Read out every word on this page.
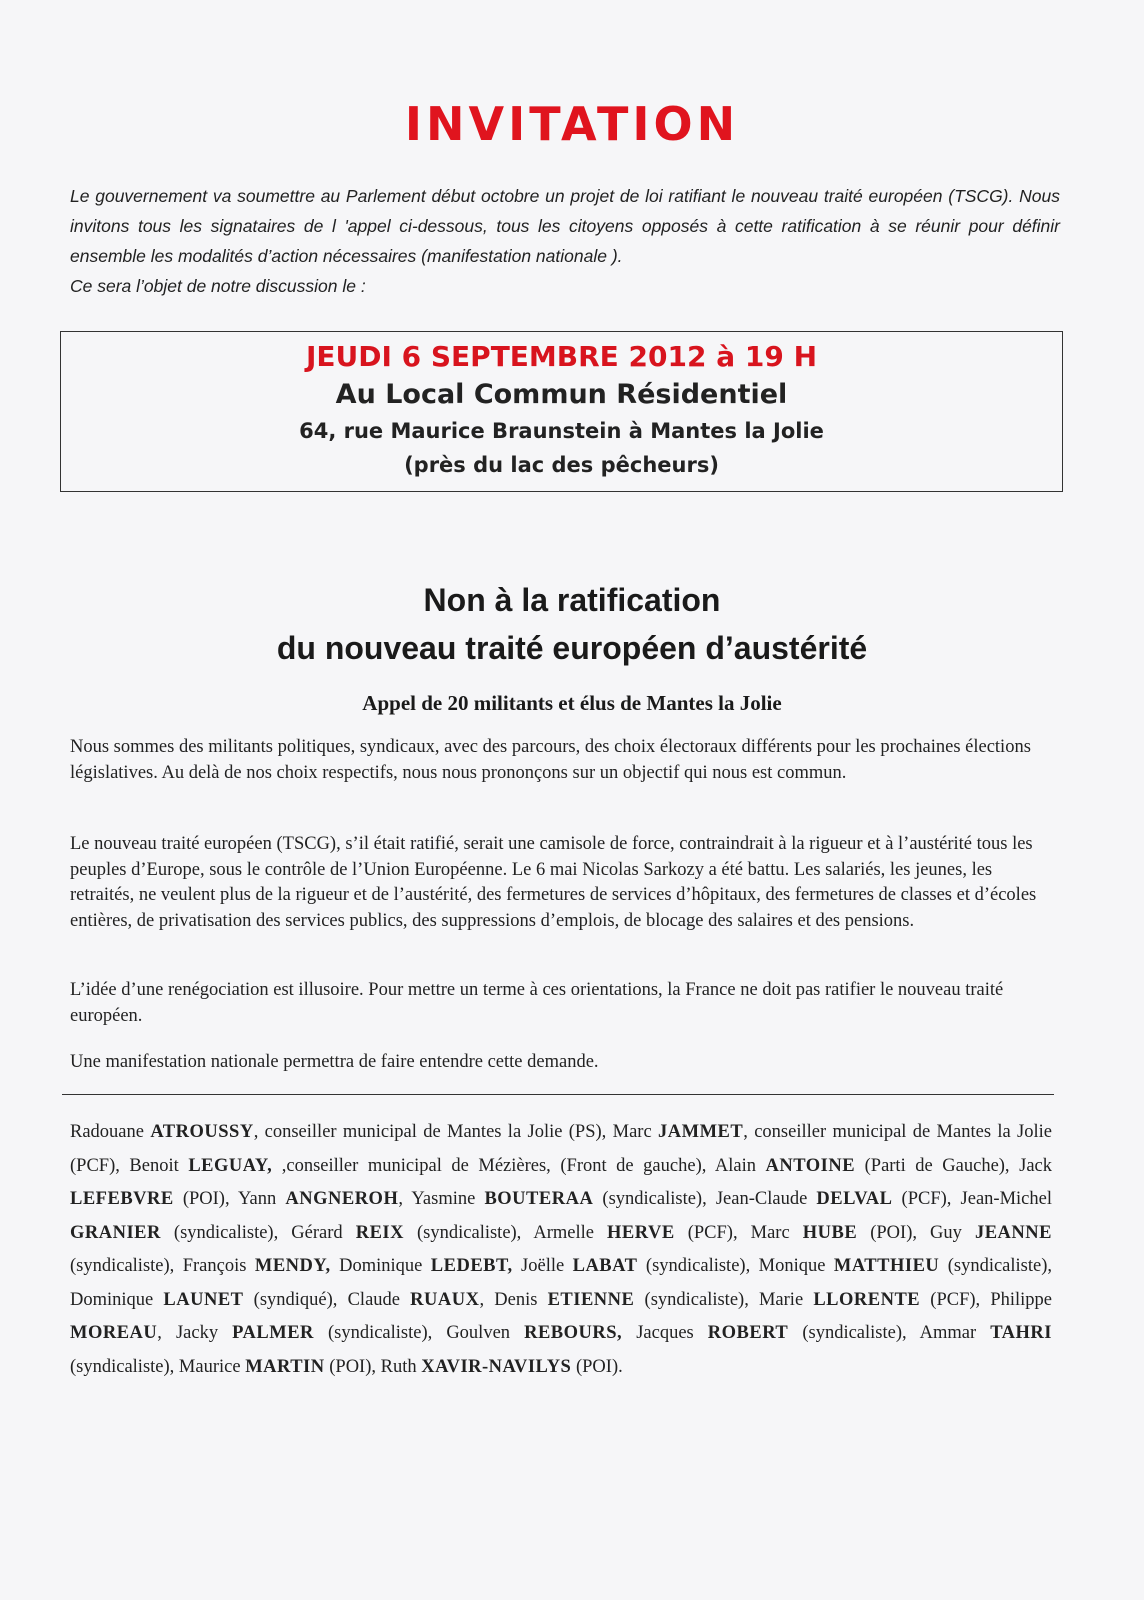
INVITATION

Le gouvernement va soumettre au Parlement début octobre un projet de loi ratifiant le nouveau traité européen (TSCG). Nous invitons tous les signataires de l 'appel ci-dessous, tous les citoyens opposés à cette ratification à se réunir pour définir ensemble les modalités d’action nécessaires (manifestation nationale ).

Ce sera l’objet de notre discussion le :

JEUDI 6 SEPTEMBRE 2012 à 19 H
Au Local Commun Résidentiel
64, rue Maurice Braunstein à Mantes la Jolie
(près du lac des pêcheurs)
Non à la ratification
du nouveau traité européen d’austérité
Appel de 20 militants et élus de Mantes la Jolie

Nous sommes des militants politiques, syndicaux, avec des parcours, des choix électoraux différents pour les prochaines élections législatives. Au delà de nos choix respectifs, nous nous prononçons sur un objectif qui nous est commun.

Le nouveau traité européen (TSCG), s’il était ratifié, serait une camisole de force, contraindrait à la rigueur et à l’austérité tous les peuples d’Europe, sous le contrôle de l’Union Européenne. Le 6 mai Nicolas Sarkozy a été battu. Les salariés, les jeunes, les retraités, ne veulent plus de la rigueur et de l’austérité, des fermetures de services d’hôpitaux, des fermetures de classes et d’écoles entières, de privatisation des services publics, des suppressions d’emplois, de blocage des salaires et des pensions.

L’idée d’une renégociation est illusoire. Pour mettre un terme à ces orientations, la France ne doit pas ratifier le nouveau traité européen.

Une manifestation nationale permettra de faire entendre cette demande.

Radouane ATROUSSY, conseiller municipal de Mantes la Jolie (PS), Marc JAMMET, conseiller municipal de Mantes la Jolie (PCF), Benoit LEGUAY, ,conseiller municipal de Mézières, (Front de gauche), Alain ANTOINE (Parti de Gauche), Jack LEFEBVRE (POI), Yann ANGNEROH, Yasmine BOUTERAA (syndicaliste), Jean-Claude DELVAL (PCF), Jean-Michel GRANIER (syndicaliste), Gérard REIX (syndicaliste), Armelle HERVE (PCF), Marc HUBE (POI), Guy JEANNE (syndicaliste), François MENDY, Dominique LEDEBT, Joëlle LABAT (syndicaliste), Monique MATTHIEU (syndicaliste), Dominique LAUNET (syndiqué), Claude RUAUX, Denis ETIENNE (syndicaliste), Marie LLORENTE (PCF), Philippe MOREAU, Jacky PALMER (syndicaliste), Goulven REBOURS, Jacques ROBERT (syndicaliste), Ammar TAHRI (syndicaliste), Maurice MARTIN (POI), Ruth XAVIR-NAVILYS (POI).
